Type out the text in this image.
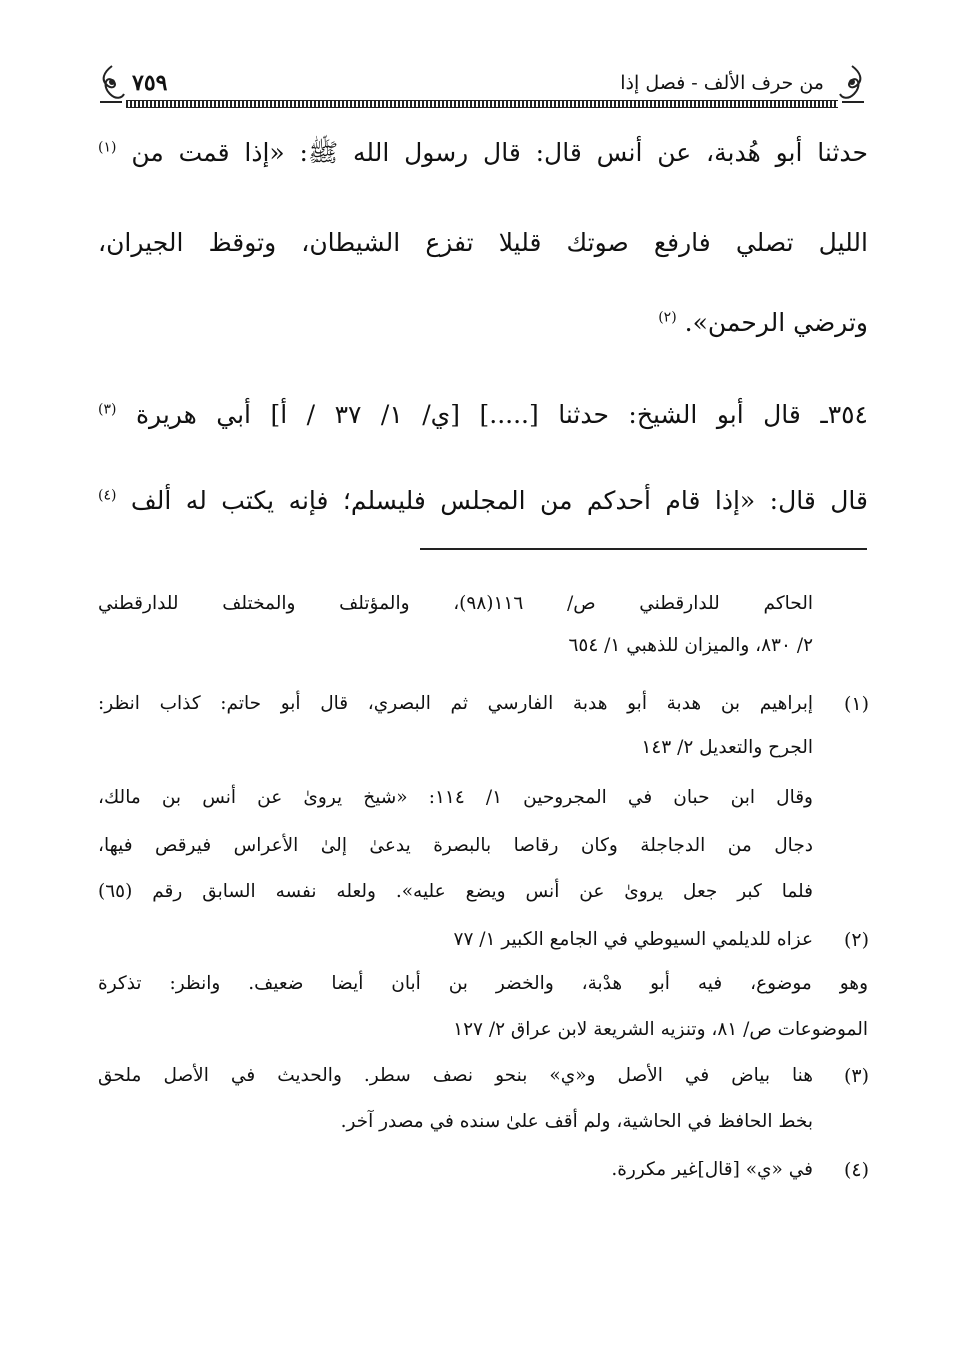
من حرف الألف - فصل إذا
٧٥٩
حدثنا أبو هُدبة، عن أنس قال: قال رسول الله ﷺ: «إذا قمت من $^{(١)}$
الليل تصلي فارفع صوتك قليلا تفزع الشيطان، وتوقظ الجيران،
وترضي الرحمن». $^{(٢)}$
٣٥٤ـ قال أبو الشيخ: حدثنا [.....] [ي/ ١/ ٣٧ / أ] أبي هريرة $^{(٣)}$
قال قال: «إذا قام أحدكم من المجلس فليسلم؛ فإنه يكتب له ألف $^{(٤)}$
الحاكم للدارقطني ص/ ١١٦(٩٨)، والمؤتلف والمختلف للدارقطني
٢/ ٨٣٠، والميزان للذهبي ١/ ٦٥٤
(١)
إبراهيم بن هدبة أبو هدبة الفارسي ثم البصري، قال أبو حاتم: كذاب انظر:
الجرح والتعديل ٢/ ١٤٣
وقال ابن حبان في المجروحين ١/ ١١٤: «شيخ يروىٰ عن أنس بن مالك،
دجال من الدجاجلة وكان رقاصا بالبصرة يدعىٰ إلىٰ الأعراس فيرقص فيها،
فلما كبر جعل يروىٰ عن أنس ويضع عليه». ولعله نفسه السابق رقم (٦٥)
(٢)
عزاه للديلمي السيوطي في الجامع الكبير ١/ ٧٧
وهو موضوع، فيه أبو هدْبة، والخضر بن أبان أيضا ضعيف. وانظر: تذكرة
الموضوعات ص/ ٨١، وتنزيه الشريعة لابن عراق ٢/ ١٢٧
(٣)
هنا بياض في الأصل و«ي» بنحو نصف سطر. والحديث في الأصل ملحق
بخط الحافظ في الحاشية، ولم أقف علىٰ سنده في مصدر آخر.
(٤)
في «ي» [قال]غير مكررة.
